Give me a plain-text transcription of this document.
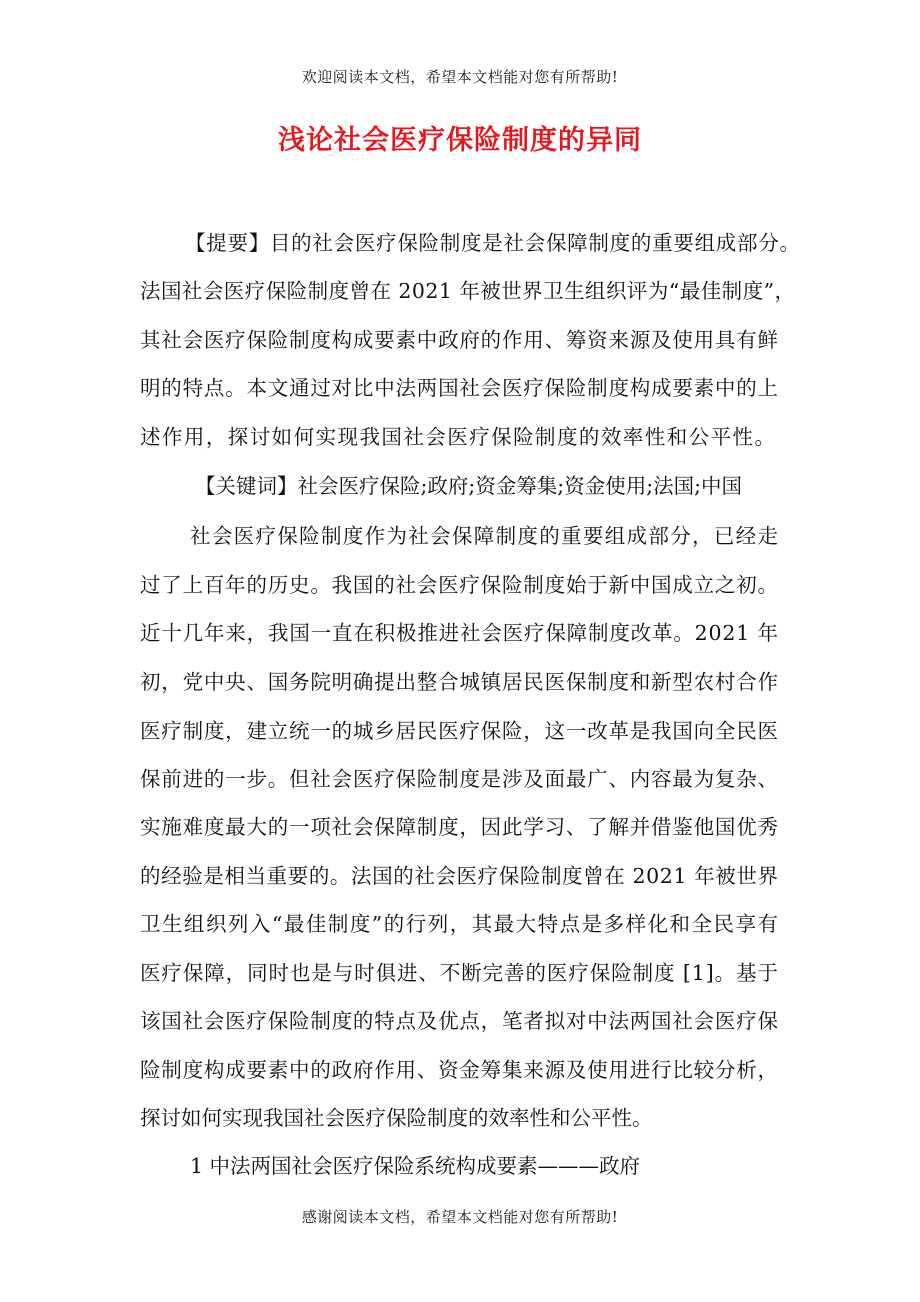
欢迎阅读本文档，希望本文档能对您有所帮助!
浅论社会医疗保险制度的异同
【提要】目的社会医疗保险制度是社会保障制度的重要组成部分。
法国社会医疗保险制度曾在 2021 年被世界卫生组织评为“最佳制度”，
其社会医疗保险制度构成要素中政府的作用、筹资来源及使用具有鲜
明的特点。本文通过对比中法两国社会医疗保险制度构成要素中的上
述作用，探讨如何实现我国社会医疗保险制度的效率性和公平性。
【关键词】社会医疗保险;政府;资金筹集;资金使用;法国;中国
社会医疗保险制度作为社会保障制度的重要组成部分，已经走
过了上百年的历史。我国的社会医疗保险制度始于新中国成立之初。
近十几年来，我国一直在积极推进社会医疗保障制度改革。2021 年
初，党中央、国务院明确提出整合城镇居民医保制度和新型农村合作
医疗制度，建立统一的城乡居民医疗保险，这一改革是我国向全民医
保前进的一步。但社会医疗保险制度是涉及面最广、内容最为复杂、
实施难度最大的一项社会保障制度，因此学习、了解并借鉴他国优秀
的经验是相当重要的。法国的社会医疗保险制度曾在 2021 年被世界
卫生组织列入“最佳制度”的行列，其最大特点是多样化和全民享有
医疗保障，同时也是与时俱进、不断完善的医疗保险制度 [1]。基于
该国社会医疗保险制度的特点及优点，笔者拟对中法两国社会医疗保
险制度构成要素中的政府作用、资金筹集来源及使用进行比较分析，
探讨如何实现我国社会医疗保险制度的效率性和公平性。
1 中法两国社会医疗保险系统构成要素———政府
感谢阅读本文档，希望本文档能对您有所帮助!
